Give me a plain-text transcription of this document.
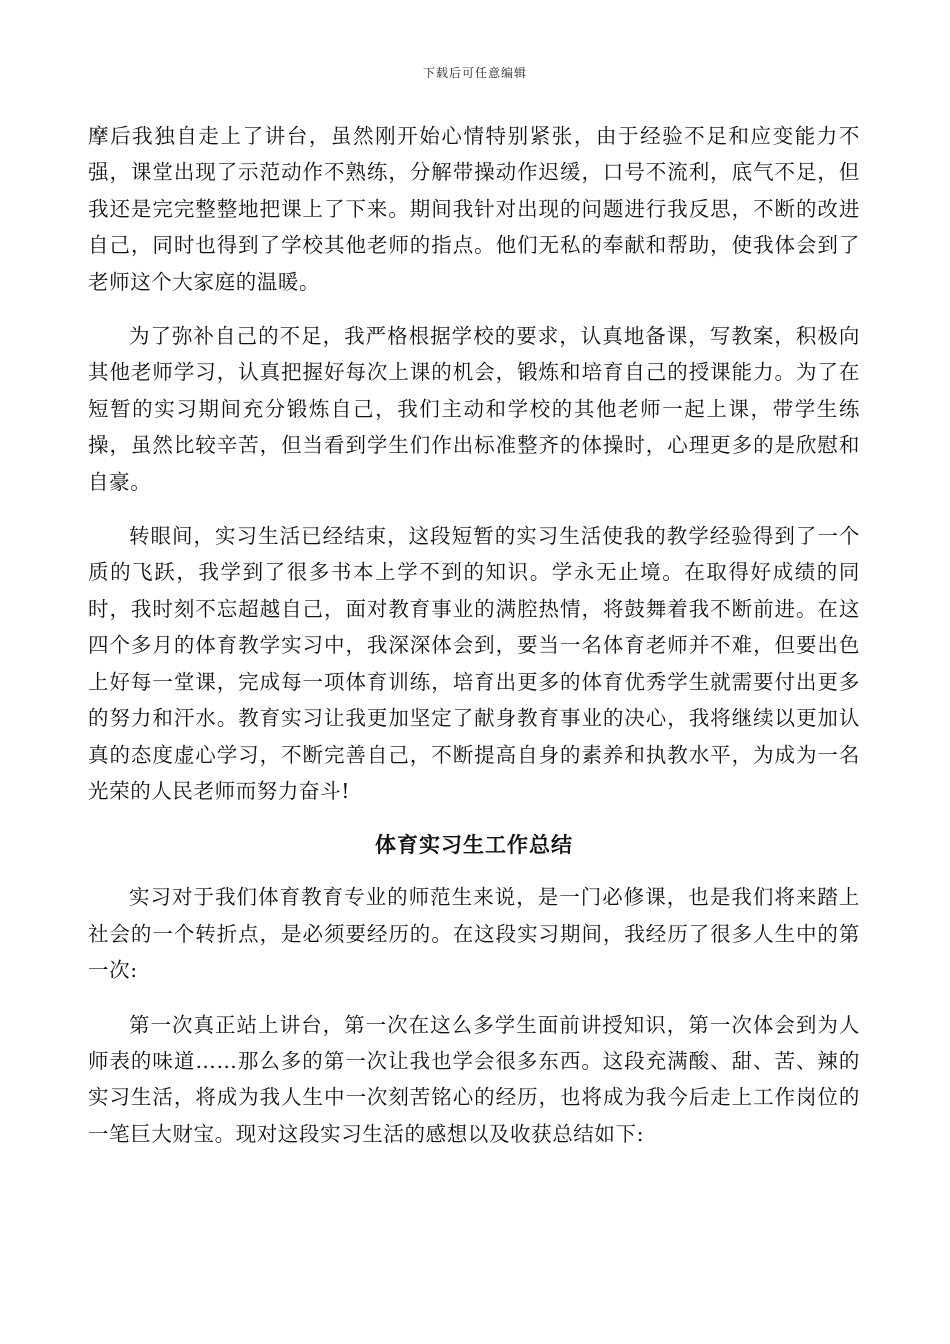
下载后可任意编辑

摩后我独自走上了讲台，虽然刚开始心情特别紧张，由于经验不足和应变能力不强，课堂出现了示范动作不熟练，分解带操动作迟缓，口号不流利，底气不足，但我还是完完整整地把课上了下来。期间我针对出现的问题进行我反思，不断的改进自己，同时也得到了学校其他老师的指点。他们无私的奉献和帮助，使我体会到了老师这个大家庭的温暖。

为了弥补自己的不足，我严格根据学校的要求，认真地备课，写教案，积极向其他老师学习，认真把握好每次上课的机会，锻炼和培育自己的授课能力。为了在短暂的实习期间充分锻炼自己，我们主动和学校的其他老师一起上课，带学生练操，虽然比较辛苦，但当看到学生们作出标准整齐的体操时，心理更多的是欣慰和自豪。

转眼间，实习生活已经结束，这段短暂的实习生活使我的教学经验得到了一个质的飞跃，我学到了很多书本上学不到的知识。学永无止境。在取得好成绩的同时，我时刻不忘超越自己，面对教育事业的满腔热情，将鼓舞着我不断前进。在这四个多月的体育教学实习中，我深深体会到，要当一名体育老师并不难，但要出色上好每一堂课，完成每一项体育训练，培育出更多的体育优秀学生就需要付出更多的努力和汗水。教育实习让我更加坚定了献身教育事业的决心，我将继续以更加认真的态度虚心学习，不断完善自己，不断提高自身的素养和执教水平，为成为一名光荣的人民老师而努力奋斗!

体育实习生工作总结

实习对于我们体育教育专业的师范生来说，是一门必修课，也是我们将来踏上社会的一个转折点，是必须要经历的。在这段实习期间，我经历了很多人生中的第一次:

第一次真正站上讲台，第一次在这么多学生面前讲授知识，第一次体会到为人师表的味道……那么多的第一次让我也学会很多东西。这段充满酸、甜、苦、辣的实习生活，将成为我人生中一次刻苦铭心的经历，也将成为我今后走上工作岗位的一笔巨大财宝。现对这段实习生活的感想以及收获总结如下:
